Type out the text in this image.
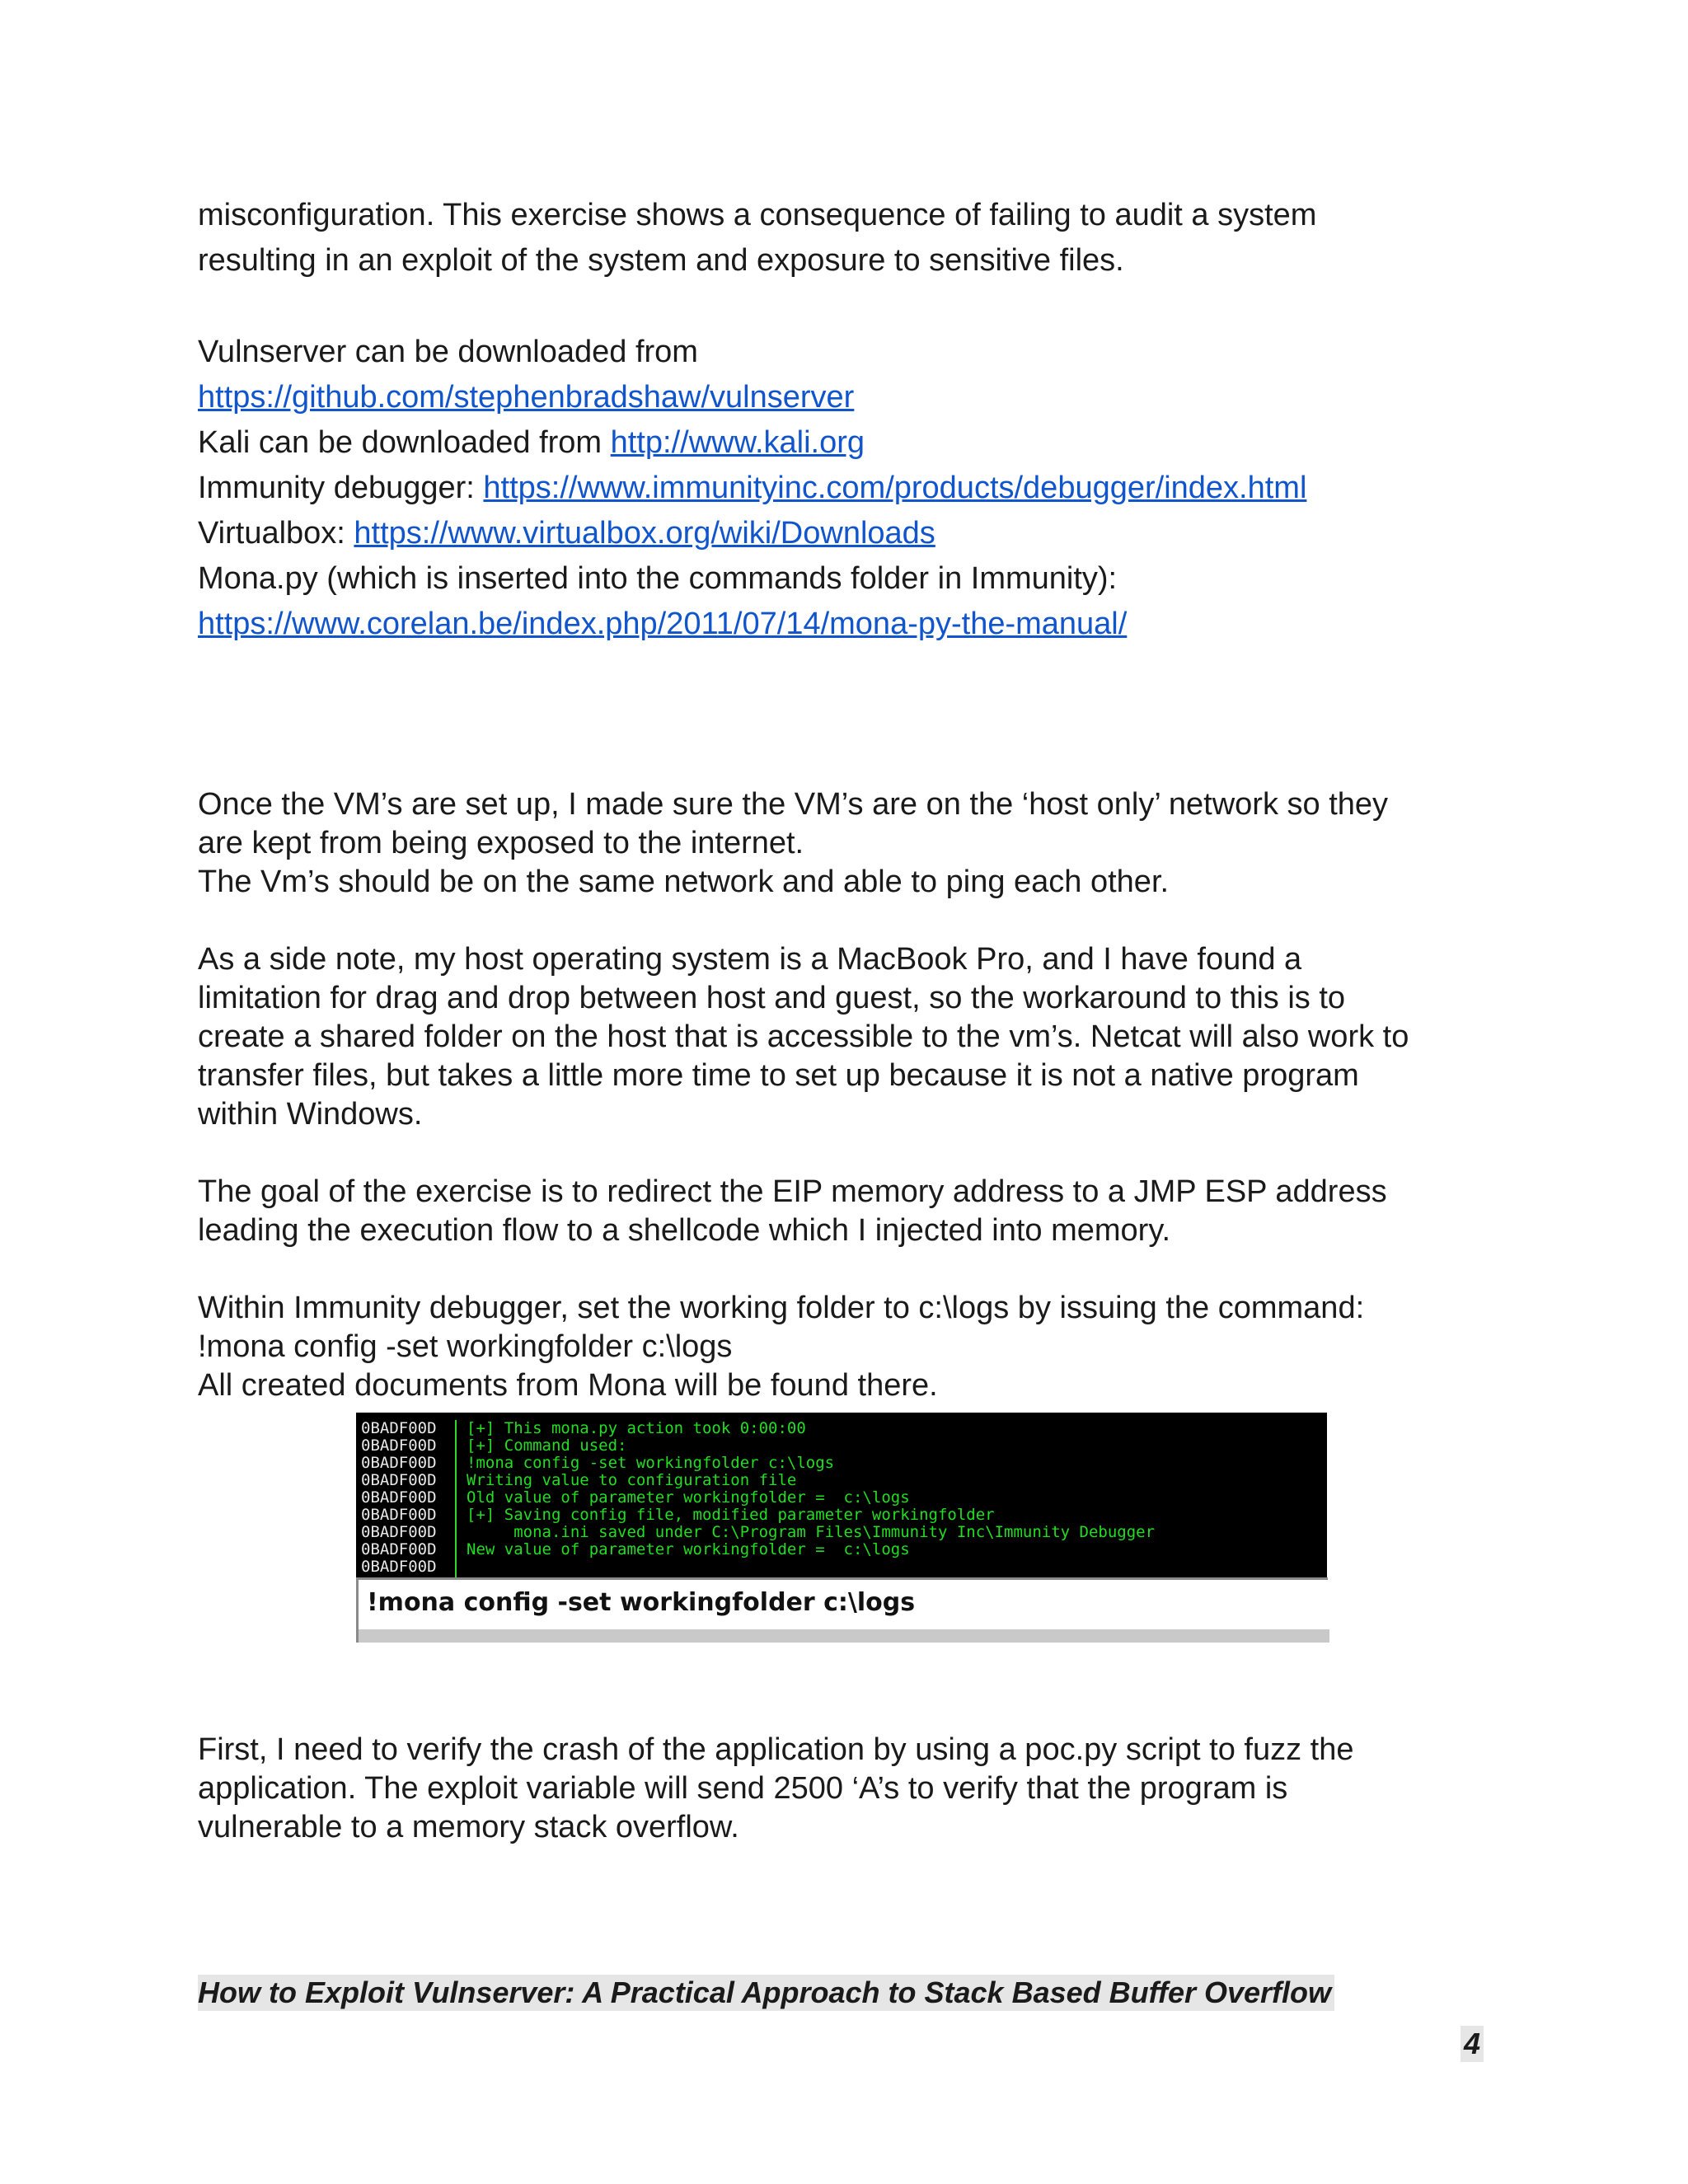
misconfiguration. This exercise shows a consequence of failing to audit a system
resulting in an exploit of the system and exposure to sensitive files.
Vulnserver can be downloaded from
https://github.com/stephenbradshaw/vulnserver
Kali can be downloaded from http://www.kali.org
Immunity debugger: https://www.immunityinc.com/products/debugger/index.html
Virtualbox: https://www.virtualbox.org/wiki/Downloads
Mona.py (which is inserted into the commands folder in Immunity):
https://www.corelan.be/index.php/2011/07/14/mona-py-the-manual/
Once the VM’s are set up, I made sure the VM’s are on the ‘host only’ network so they
are kept from being exposed to the internet.
The Vm’s should be on the same network and able to ping each other.
As a side note, my host operating system is a MacBook Pro, and I have found a
limitation for drag and drop between host and guest, so the workaround to this is to
create a shared folder on the host that is accessible to the vm’s. Netcat will also work to
transfer files, but takes a little more time to set up because it is not a native program
within Windows.
The goal of the exercise is to redirect the EIP memory address to a JMP ESP address
leading the execution flow to a shellcode which I injected into memory.
Within Immunity debugger, set the working folder to c:\logs by issuing the command:
!mona config -set workingfolder c:\logs
All created documents from Mona will be found there.

0BADF00D [+] This mona.py action took 0:00:00

0BADF00D [+] Command used:

0BADF00D !mona config -set workingfolder c:\logs

0BADF00D Writing value to configuration file

0BADF00D Old value of parameter workingfolder =  c:\logs

0BADF00D [+] Saving config file, modified parameter workingfolder

0BADF00D mona.ini saved under C:\Program Files\Immunity Inc\Immunity Debugger

0BADF00D New value of parameter workingfolder =  c:\logs

0BADF00D

!mona config -set workingfolder c:\logs
First, I need to verify the crash of the application by using a poc.py script to fuzz the
application. The exploit variable will send 2500 ‘A’s to verify that the program is
vulnerable to a memory stack overflow.
How to Exploit Vulnserver: A Practical Approach to Stack Based Buffer Overflow
4
